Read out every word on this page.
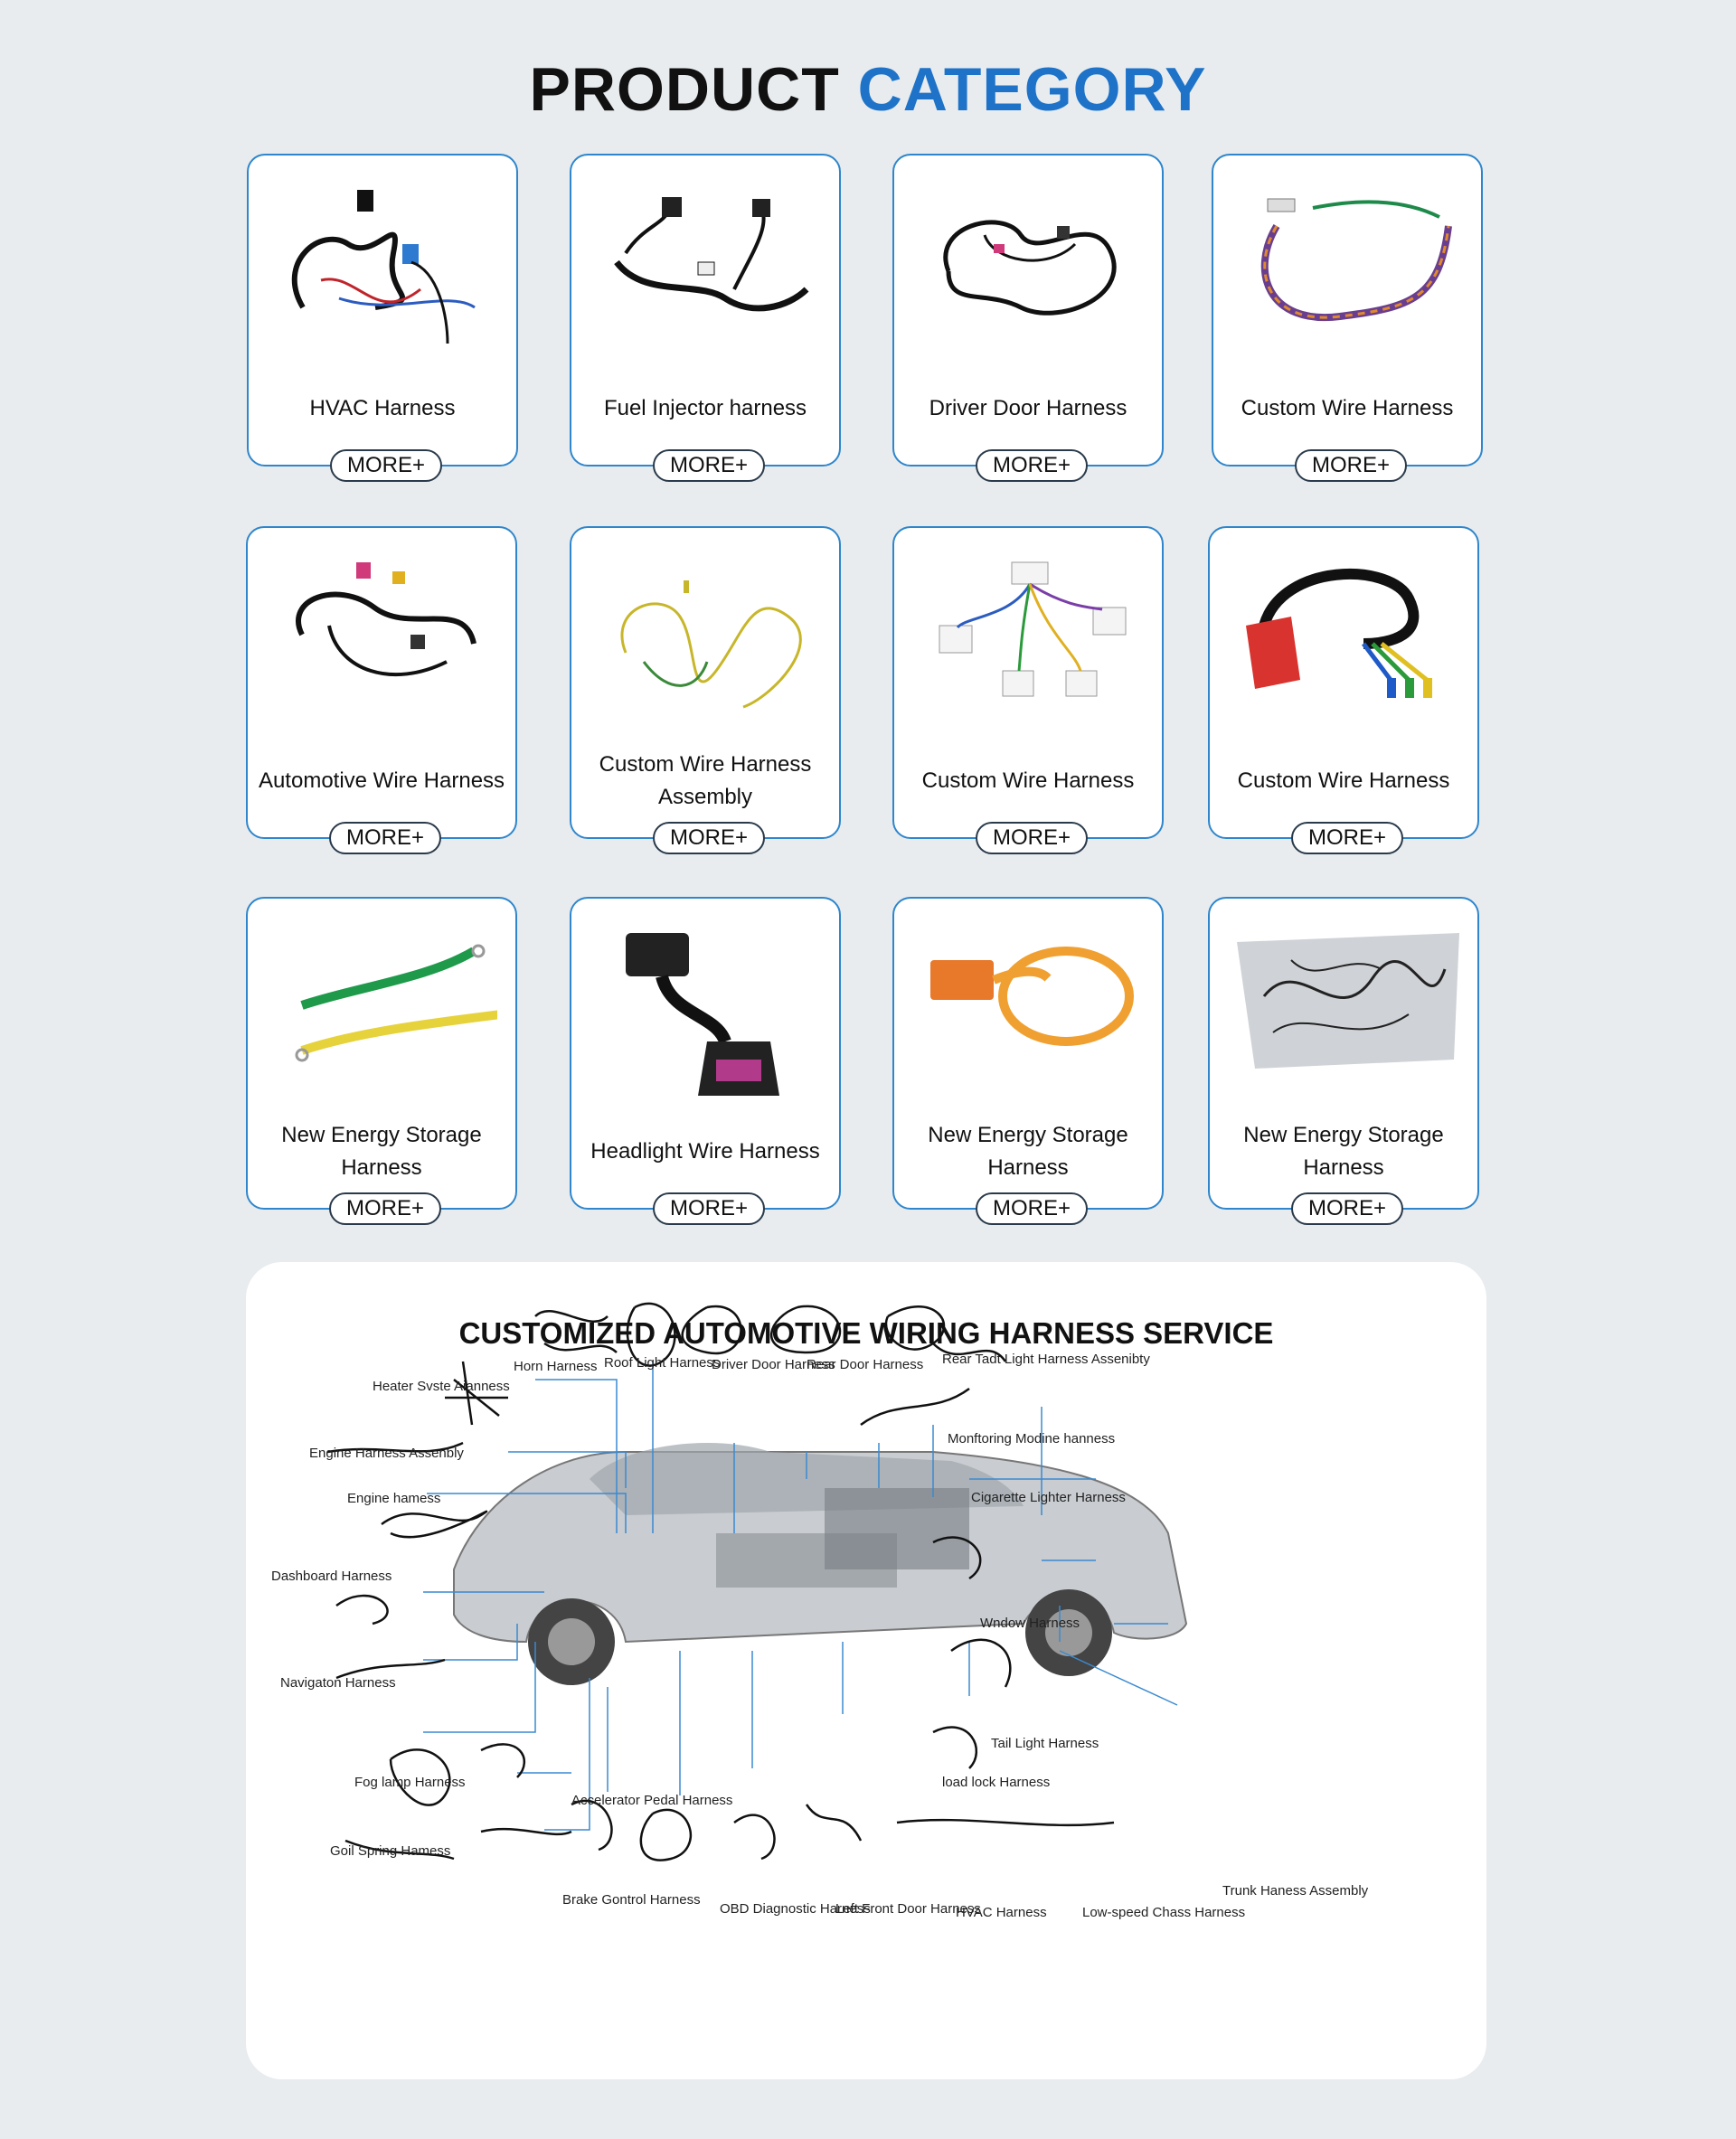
PRODUCT CATEGORY
HVAC Harness
MORE+
Fuel Injector harness
MORE+
Driver Door Harness
MORE+
Custom Wire Harness
MORE+
Automotive Wire Harness
MORE+
Custom Wire Harness Assembly
MORE+
Custom Wire Harness
MORE+
Custom Wire Harness
MORE+
New Energy Storage Harness
MORE+
Headlight Wire Harness
MORE+
New Energy Storage Harness
MORE+
New Energy Storage Harness
MORE+
CUSTOMIZED AUTOMOTIVE WIRING HARNESS SERVICE
Heater Svste Aianness
Horn Harness Roof Light Harness
Driver Door Harness
Rear Door Harness Rear Tadt Light Harness Assenibty
Engine Harness Assenbly
Monftoring Modine hanness
Engine hamess	Cigarette Lighter Harness
Dashboard Harness
Wndow Harness
Navigaton Harness
Tail Light Harness
Fog lamp Harness
Accelerator Pedal Harness
load lock Harness
Goil Spring Hamess
Brake Gontrol Harness
OBD Diagnostic Harness
Left Front Door Harness
HVAC Harness	Low-speed Chass Harness
Trunk Haness Assembly
